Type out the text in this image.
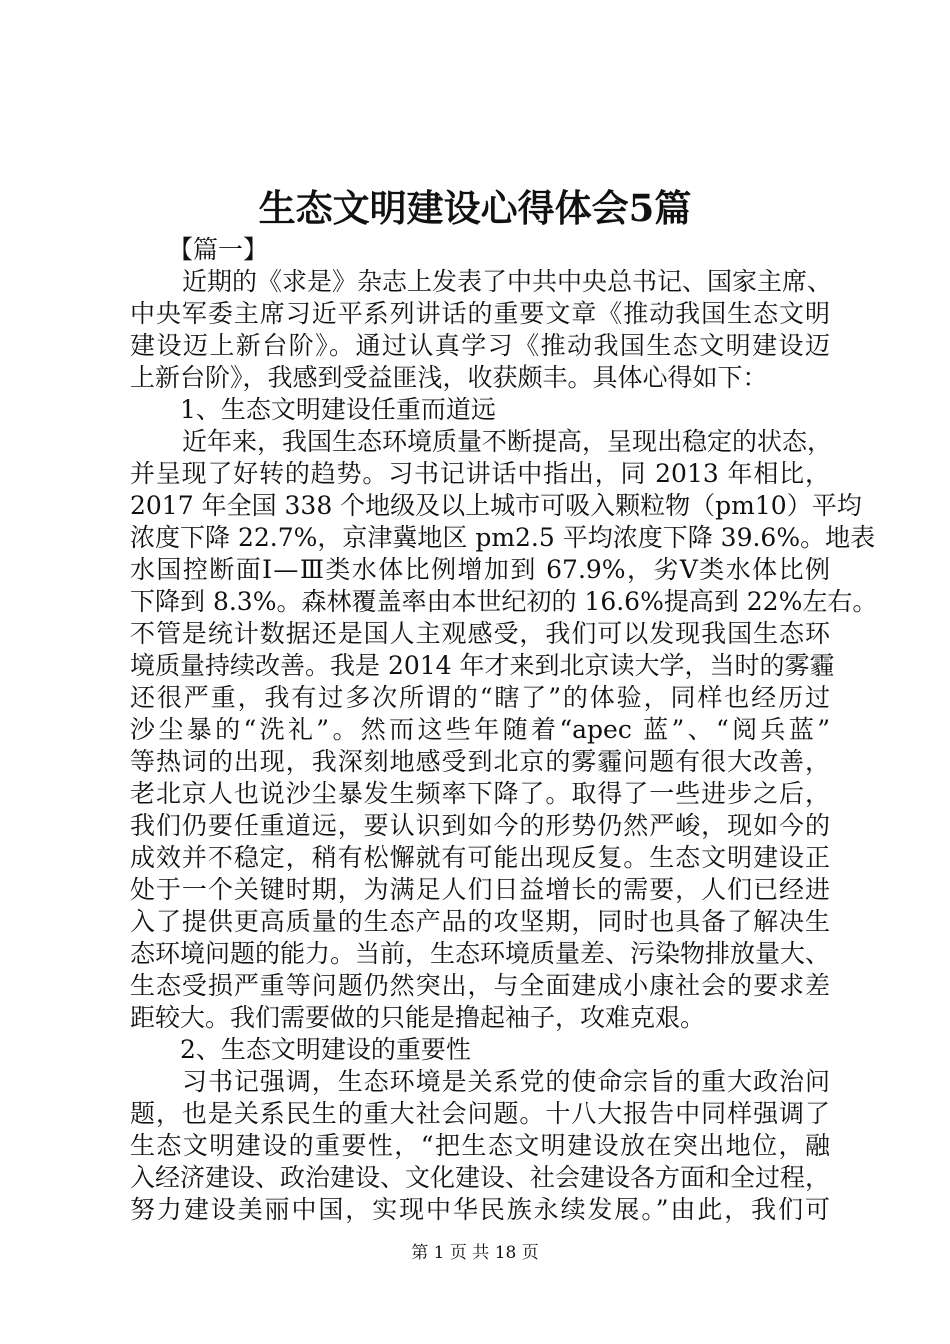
生态文明建设心得体会5篇
【篇一】
近期的《求是》杂志上发表了中共中央总书记、国家主席、
中央军委主席习近平系列讲话的重要文章《推动我国生态文明
建设迈上新台阶》。通过认真学习《推动我国生态文明建设迈
上新台阶》，我感到受益匪浅，收获颇丰。具体心得如下：
1、生态文明建设任重而道远
近年来，我国生态环境质量不断提高，呈现出稳定的状态，
并呈现了好转的趋势。习书记讲话中指出，同 2013 年相比，
2017 年全国 338 个地级及以上城市可吸入颗粒物（pm10）平均
浓度下降 22.7%，京津冀地区 pm2.5 平均浓度下降 39.6%。地表
水国控断面Ⅰ—Ⅲ类水体比例增加到 67.9%，劣Ⅴ类水体比例
下降到 8.3%。森林覆盖率由本世纪初的 16.6%提高到 22%左右。
不管是统计数据还是国人主观感受，我们可以发现我国生态环
境质量持续改善。我是 2014 年才来到北京读大学，当时的雾霾
还很严重，我有过多次所谓的“瞎了”的体验，同样也经历过
沙尘暴的“洗礼”。然而这些年随着“apec 蓝”、“阅兵蓝”
等热词的出现，我深刻地感受到北京的雾霾问题有很大改善，
老北京人也说沙尘暴发生频率下降了。取得了一些进步之后，
我们仍要任重道远，要认识到如今的形势仍然严峻，现如今的
成效并不稳定，稍有松懈就有可能出现反复。生态文明建设正
处于一个关键时期，为满足人们日益增长的需要，人们已经进
入了提供更高质量的生态产品的攻坚期，同时也具备了解决生
态环境问题的能力。当前，生态环境质量差、污染物排放量大、
生态受损严重等问题仍然突出，与全面建成小康社会的要求差
距较大。我们需要做的只能是撸起袖子，攻难克艰。
2、生态文明建设的重要性
习书记强调，生态环境是关系党的使命宗旨的重大政治问
题，也是关系民生的重大社会问题。十八大报告中同样强调了
生态文明建设的重要性，“把生态文明建设放在突出地位，融
入经济建设、政治建设、文化建设、社会建设各方面和全过程，
努力建设美丽中国，实现中华民族永续发展。”由此，我们可
第 1 页 共 18 页
